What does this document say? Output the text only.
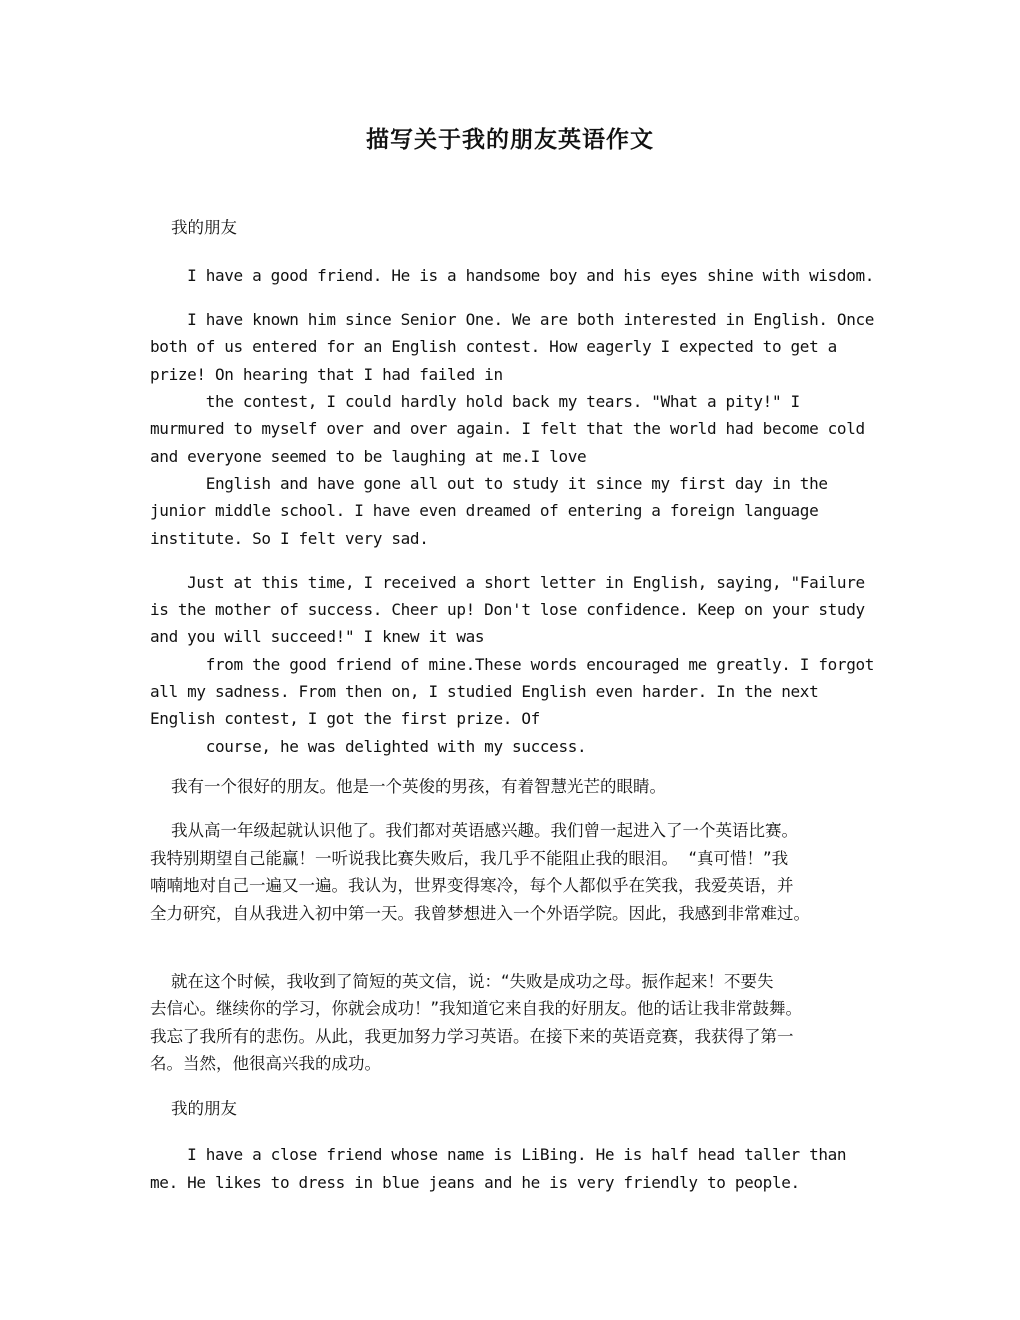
描写关于我的朋友英语作文
我的朋友
I have a good friend. He is a handsome boy and his eyes shine with wisdom.
I have known him since Senior One. We are both interested in English. Once
both of us entered for an English contest. How eagerly I expected to get a
prize! On hearing that I had failed in
the contest, I could hardly hold back my tears. "What a pity!" I
murmured to myself over and over again. I felt that the world had become cold
and everyone seemed to be laughing at me.I love
English and have gone all out to study it since my first day in the
junior middle school. I have even dreamed of entering a foreign language
institute. So I felt very sad.
Just at this time, I received a short letter in English, saying, "Failure
is the mother of success. Cheer up! Don't lose confidence. Keep on your study
and you will succeed!" I knew it was
from the good friend of mine.These words encouraged me greatly. I forgot
all my sadness. From then on, I studied English even harder. In the next
English contest, I got the first prize. Of
course, he was delighted with my success.
我有一个很好的朋友。他是一个英俊的男孩，有着智慧光芒的眼睛。
我从高一年级起就认识他了。我们都对英语感兴趣。我们曾一起进入了一个英语比赛。
我特别期望自己能赢！一听说我比赛失败后，我几乎不能阻止我的眼泪。  “真可惜！”我
喃喃地对自己一遍又一遍。我认为，世界变得寒冷，每个人都似乎在笑我，我爱英语，并
全力研究，自从我进入初中第一天。我曾梦想进入一个外语学院。因此，我感到非常难过。
就在这个时候，我收到了简短的英文信，说：“失败是成功之母。振作起来！不要失
去信心。继续你的学习，你就会成功！”我知道它来自我的好朋友。他的话让我非常鼓舞。
我忘了我所有的悲伤。从此，我更加努力学习英语。在接下来的英语竞赛，我获得了第一
名。当然，他很高兴我的成功。
我的朋友
I have a close friend whose name is LiBing. He is half head taller than
me. He likes to dress in blue jeans and he is very friendly to people.
